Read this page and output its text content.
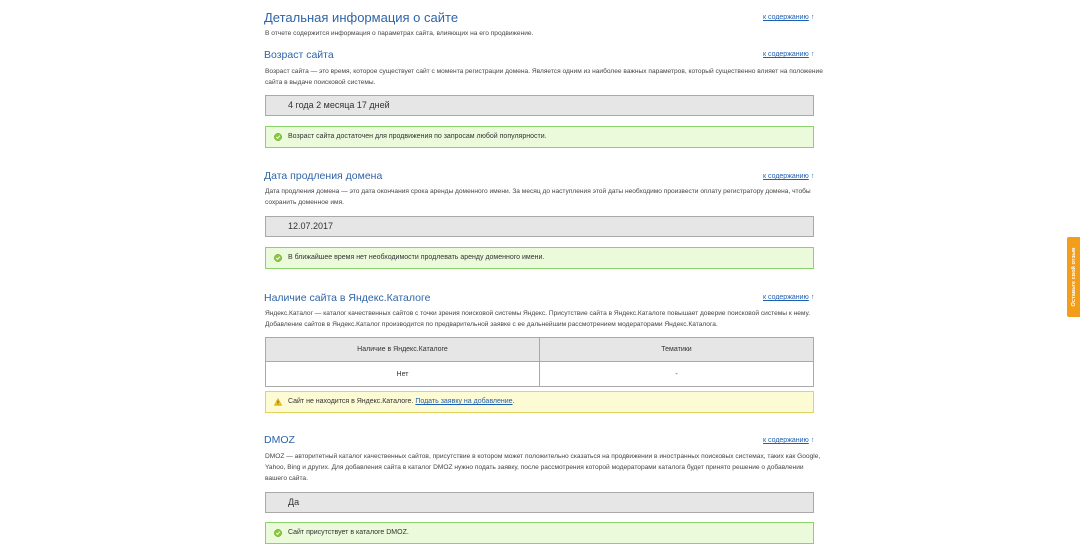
Детальная информация о сайте	к содержанию ↑
В отчете содержится информация о параметрах сайта, влияющих на его продвижение.
Возраст сайта	к содержанию ↑
Возраст сайта — это время, которое существует сайт с момента регистрации домена. Является одним из наиболее важных параметров, который существенно влияет на положение сайта в выдаче поисковой системы.
4 года 2 месяца 17 дней
Возраст сайта достаточен для продвижения по запросам любой популярности.
Дата продления домена	к содержанию ↑
Дата продления домена — это дата окончания срока аренды доменного имени. За месяц до наступления этой даты необходимо произвести оплату регистратору домена, чтобы сохранить доменное имя.
12.07.2017
В ближайшее время нет необходимости продлевать аренду доменного имени.
Наличие сайта в Яндекс.Каталоге	к содержанию ↑
Яндекс.Каталог — каталог качественных сайтов с точки зрения поисковой системы Яндекс. Присутствие сайта в Яндекс.Каталоге повышает доверие поисковой системы к нему. Добавление сайтов в Яндекс.Каталог производится по предварительной заявке с ее дальнейшим рассмотрением модераторами Яндекс.Каталога.
Наличие в Яндекс.Каталоге	Тематики
Нет	-
Сайт не находится в Яндекс.Каталоге. Подать заявку на добавление.
DMOZ	к содержанию ↑
DMOZ — авторитетный каталог качественных сайтов, присутствие в котором может положительно сказаться на продвижении в иностранных поисковых системах, таких как Google, Yahoo, Bing и других. Для добавления сайта в каталог DMOZ нужно подать заявку, после рассмотрения которой модераторами каталога будет принято решение о добавлении вашего сайта.
Да
Сайт присутствует в каталоге DMOZ.
Оставьте свой отзыв
